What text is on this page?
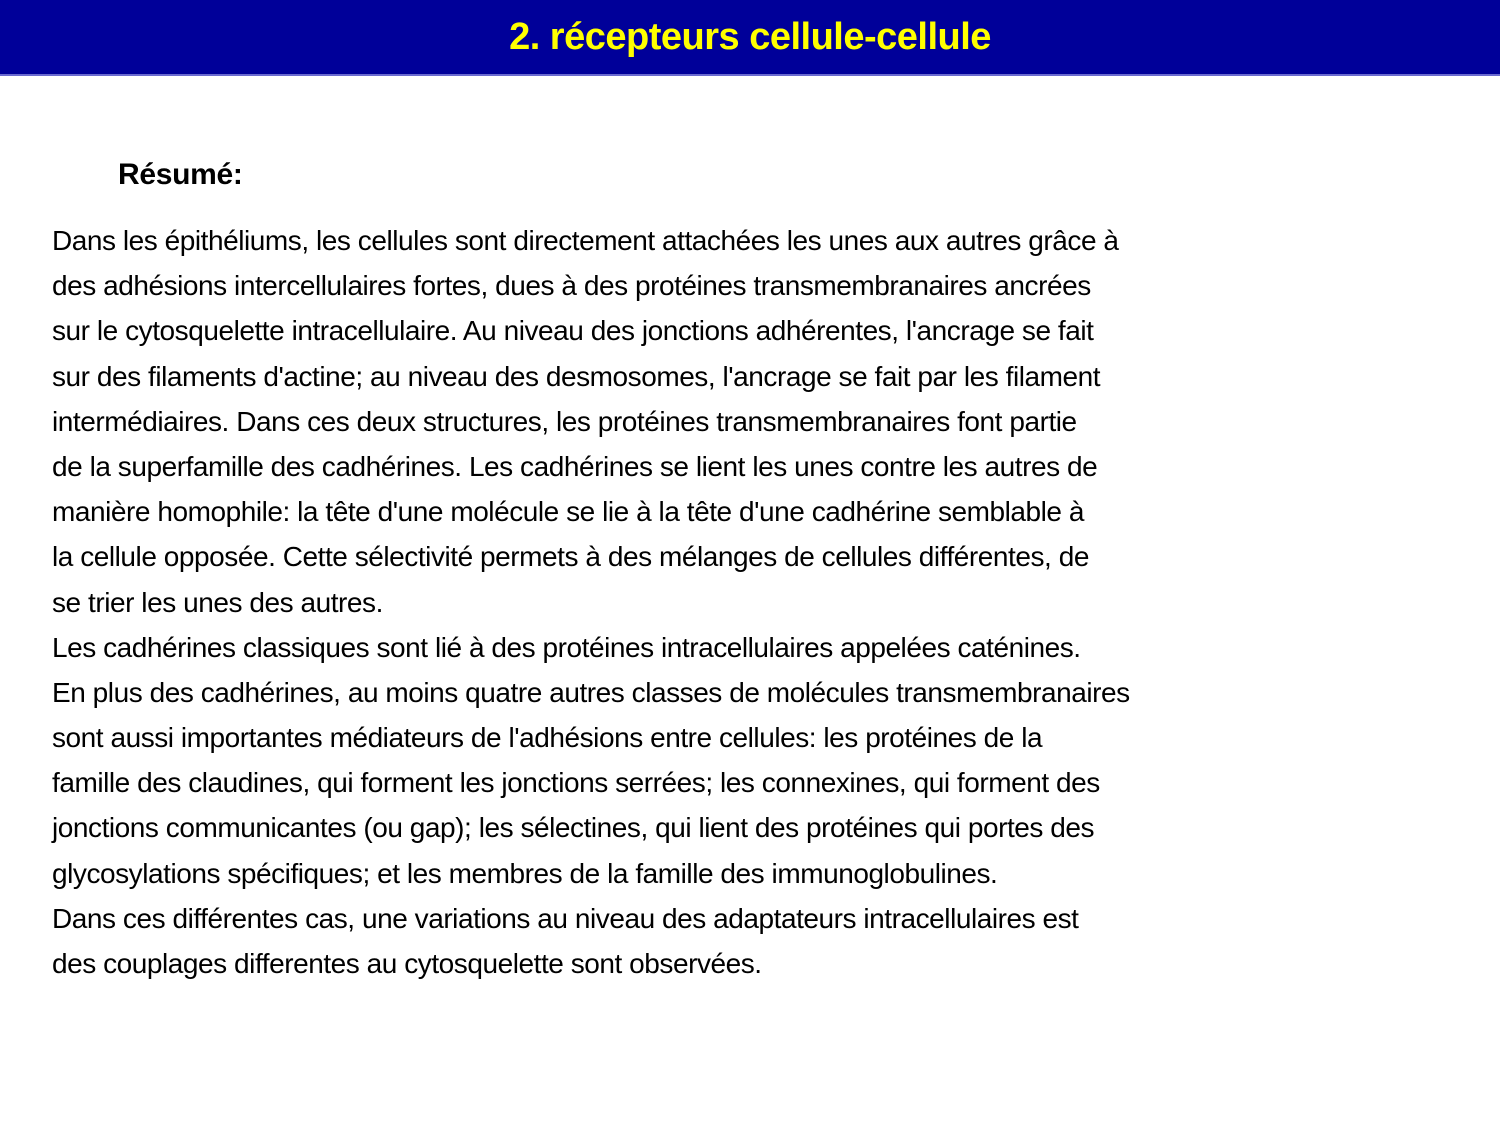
2. récepteurs cellule-cellule
Résumé:

Dans les épithéliums, les cellules sont directement attachées les unes aux autres grâce à

des adhésions intercellulaires fortes, dues à des protéines transmembranaires ancrées

sur le cytosquelette intracellulaire. Au niveau des jonctions adhérentes, l'ancrage se fait

sur des filaments d'actine; au niveau des desmosomes, l'ancrage se fait par les filament

intermédiaires. Dans ces deux structures, les protéines transmembranaires font partie

de la superfamille des cadhérines. Les cadhérines se lient les unes contre les autres de

manière homophile: la tête d'une molécule se lie à la tête d'une cadhérine semblable à

la cellule opposée. Cette sélectivité permets à des mélanges de cellules différentes, de

se trier les unes des autres.

Les cadhérines classiques sont lié à des protéines intracellulaires appelées caténines.

En plus des cadhérines, au moins quatre autres classes de molécules transmembranaires

sont aussi importantes médiateurs de l'adhésions entre cellules: les protéines de la

famille des claudines, qui forment les jonctions serrées; les connexines, qui forment des

jonctions communicantes (ou gap); les sélectines, qui lient des protéines qui portes des

glycosylations spécifiques; et les membres de la famille des immunoglobulines.

Dans ces différentes cas, une variations au niveau des adaptateurs intracellulaires est

des couplages differentes au cytosquelette sont observées.
